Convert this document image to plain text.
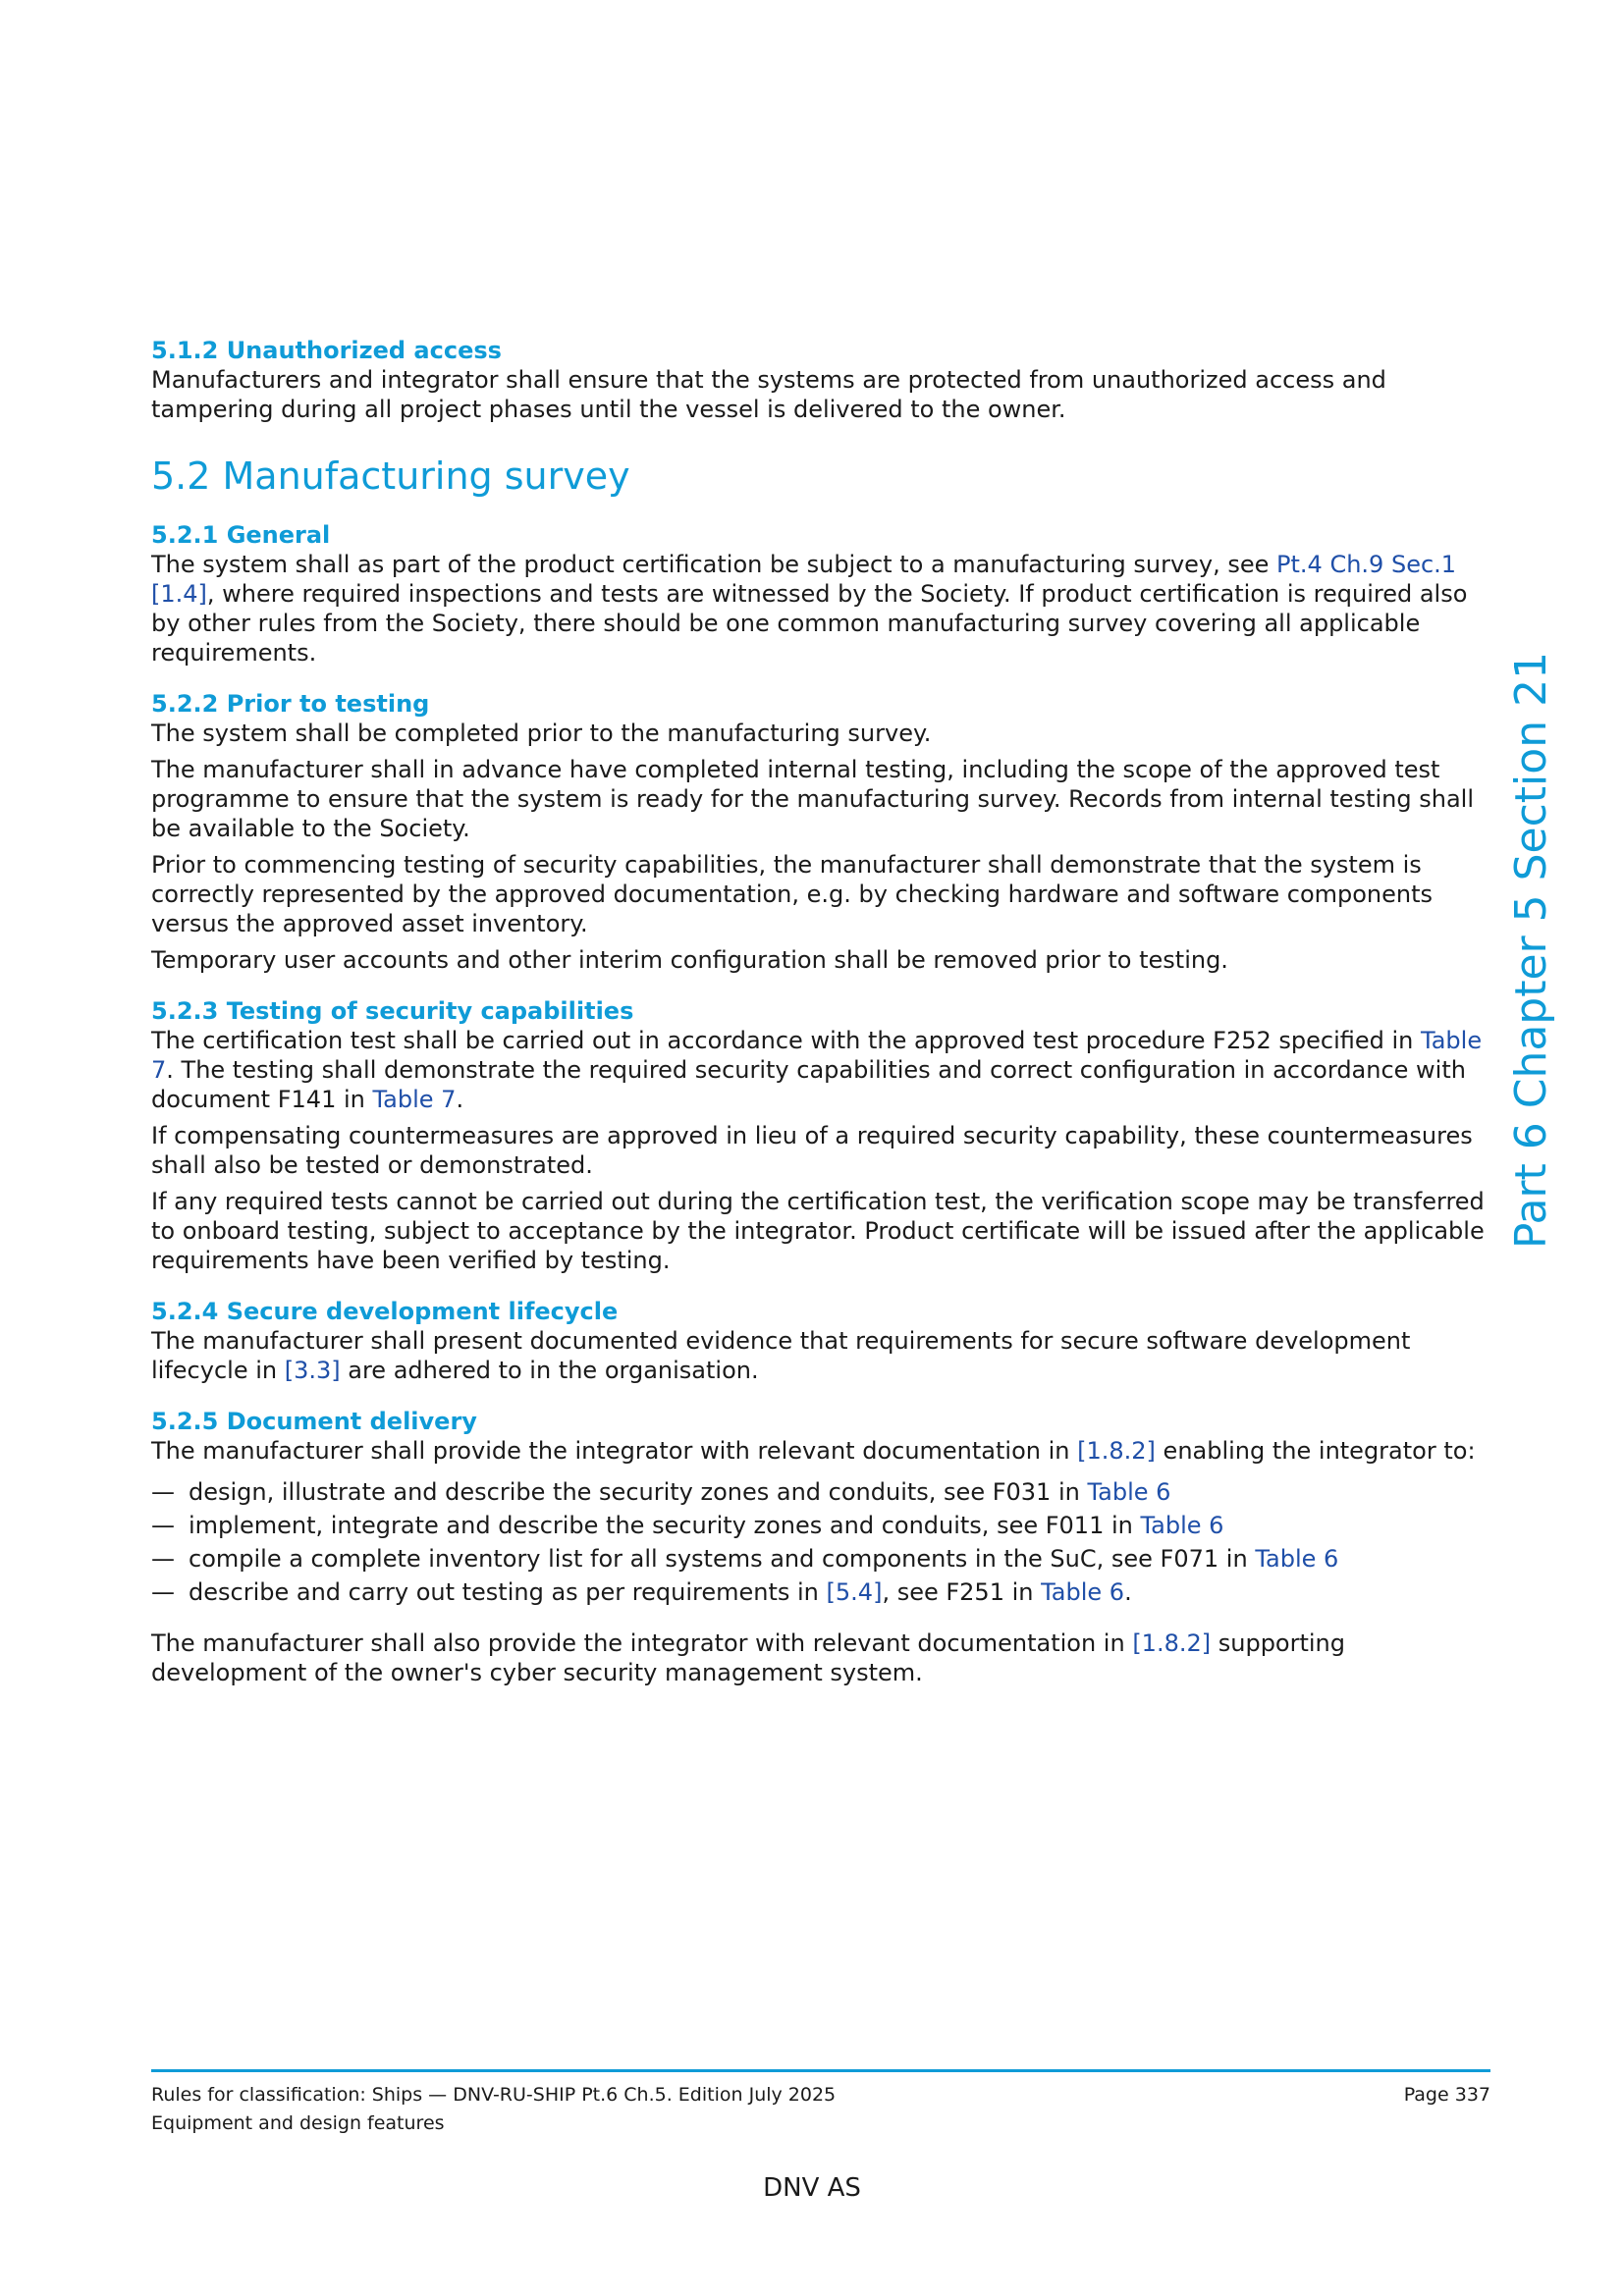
Part 6 Chapter 5 Section 21
5.1.2 Unauthorized access

Manufacturers and integrator shall ensure that the systems are protected from unauthorized access and tampering during all project phases until the vessel is delivered to the owner.

5.2 Manufacturing survey
5.2.1 General

The system shall as part of the product certification be subject to a manufacturing survey, see Pt.4 Ch.9 Sec.1 [1.4], where required inspections and tests are witnessed by the Society. If product certification is required also by other rules from the Society, there should be one common manufacturing survey covering all applicable requirements.

5.2.2 Prior to testing

The system shall be completed prior to the manufacturing survey.

The manufacturer shall in advance have completed internal testing, including the scope of the approved test programme to ensure that the system is ready for the manufacturing survey. Records from internal testing shall be available to the Society.

Prior to commencing testing of security capabilities, the manufacturer shall demonstrate that the system is correctly represented by the approved documentation, e.g. by checking hardware and software components versus the approved asset inventory.

Temporary user accounts and other interim configuration shall be removed prior to testing.

5.2.3 Testing of security capabilities

The certification test shall be carried out in accordance with the approved test procedure F252 specified in Table 7. The testing shall demonstrate the required security capabilities and correct configuration in accordance with document F141 in Table 7.

If compensating countermeasures are approved in lieu of a required security capability, these countermeasures shall also be tested or demonstrated.

If any required tests cannot be carried out during the certification test, the verification scope may be transferred to onboard testing, subject to acceptance by the integrator. Product certificate will be issued after the applicable requirements have been verified by testing.

5.2.4 Secure development lifecycle

The manufacturer shall present documented evidence that requirements for secure software development lifecycle in [3.3] are adhered to in the organisation.

5.2.5 Document delivery

The manufacturer shall provide the integrator with relevant documentation in [1.8.2] enabling the integrator to:

— design, illustrate and describe the security zones and conduits, see F031 in Table 6
— implement, integrate and describe the security zones and conduits, see F011 in Table 6
— compile a complete inventory list for all systems and components in the SuC, see F071 in Table 6
— describe and carry out testing as per requirements in [5.4], see F251 in Table 6.

The manufacturer shall also provide the integrator with relevant documentation in [1.8.2] supporting development of the owner's cyber security management system.

Rules for classification: Ships — DNV-RU-SHIP Pt.6 Ch.5. Edition July 2025
Equipment and design features
Page 337
DNV AS
